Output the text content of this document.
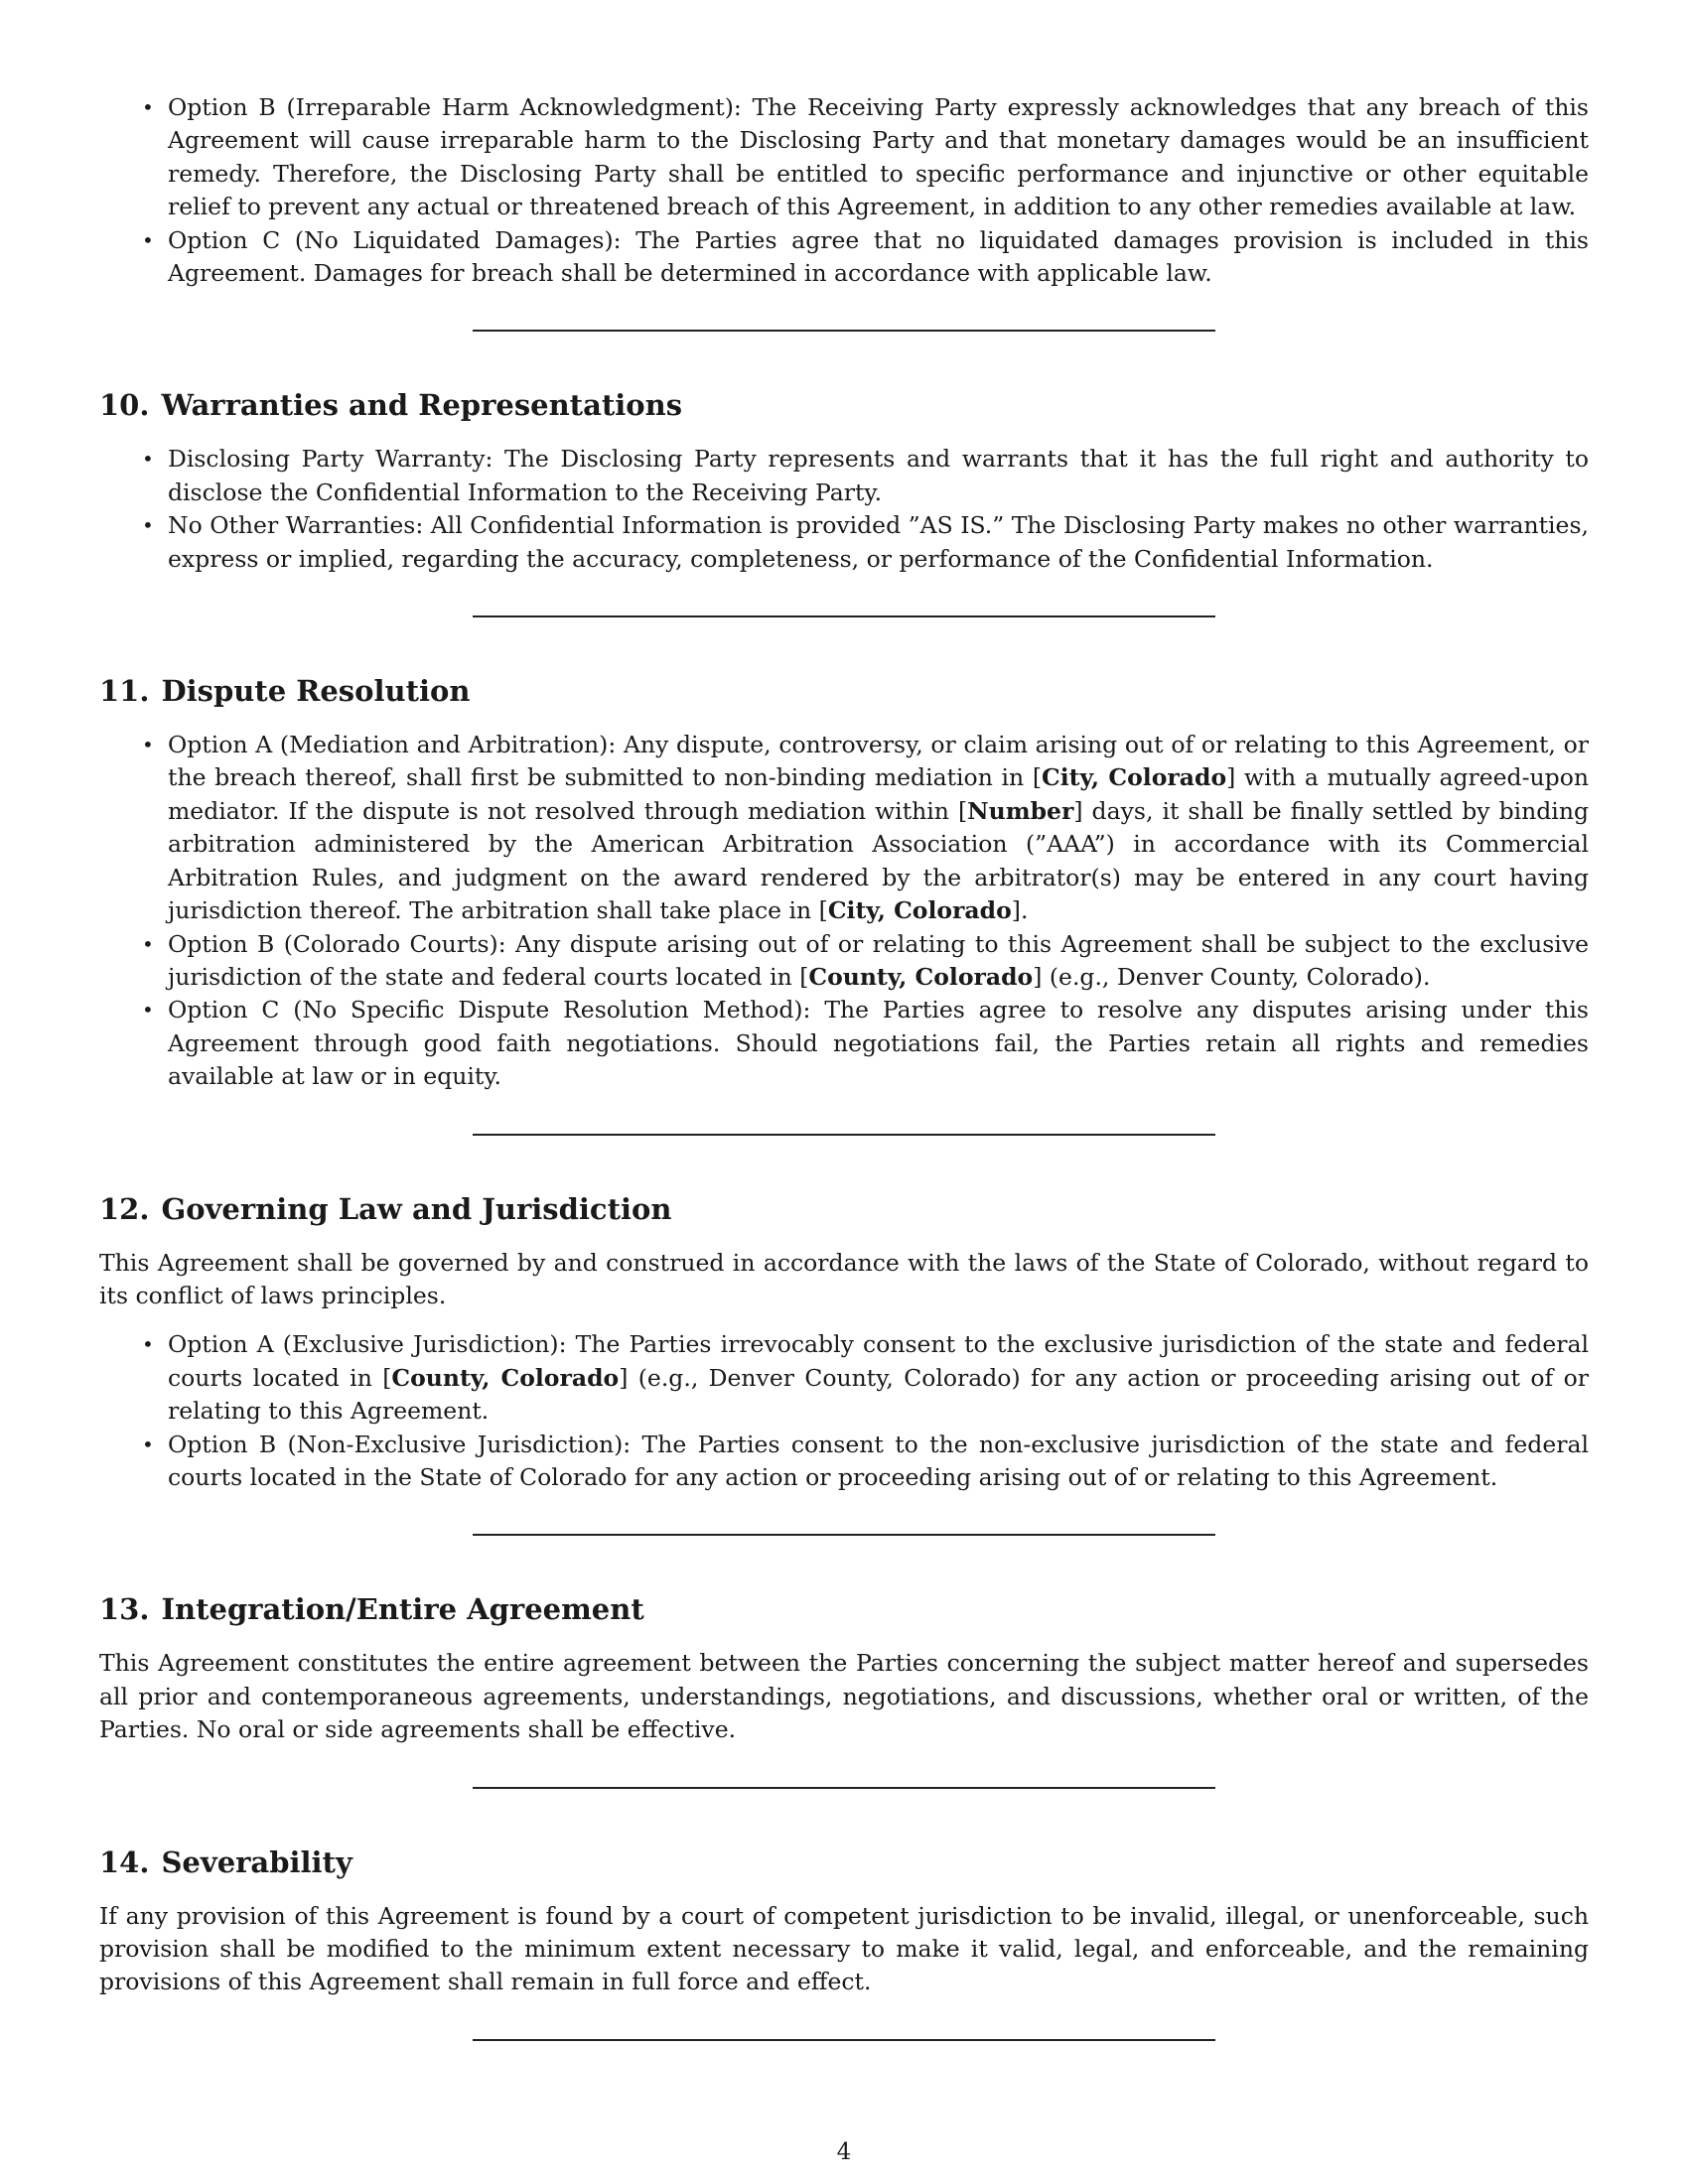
• Option B (Irreparable Harm Acknowledgment): The Receiving Party expressly acknowledges that any breach of this Agreement will cause irreparable harm to the Disclosing Party and that monetary damages would be an insufficient remedy. Therefore, the Disclosing Party shall be entitled to specific performance and injunctive or other equitable relief to prevent any actual or threatened breach of this Agreement, in addition to any other remedies available at law.
• Option C (No Liquidated Damages): The Parties agree that no liquidated damages provision is included in this Agreement. Damages for breach shall be determined in accordance with applicable law.
10. Warranties and Representations
• Disclosing Party Warranty: The Disclosing Party represents and warrants that it has the full right and authority to disclose the Confidential Information to the Receiving Party.
• No Other Warranties: All Confidential Information is provided ”AS IS.” The Disclosing Party makes no other warranties, express or implied, regarding the accuracy, completeness, or performance of the Confidential Information.
11. Dispute Resolution
• Option A (Mediation and Arbitration): Any dispute, controversy, or claim arising out of or relating to this Agreement, or the breach thereof, shall first be submitted to non-binding mediation in [City, Colorado] with a mutually agreed-upon mediator. If the dispute is not resolved through mediation within [Number] days, it shall be finally settled by binding arbitration administered by the American Arbitration Association (”AAA”) in accordance with its Commercial Arbitration Rules, and judgment on the award rendered by the arbitrator(s) may be entered in any court having jurisdiction thereof. The arbitration shall take place in [City, Colorado].
• Option B (Colorado Courts): Any dispute arising out of or relating to this Agreement shall be subject to the exclusive jurisdiction of the state and federal courts located in [County, Colorado] (e.g., Denver County, Colorado).
• Option C (No Specific Dispute Resolution Method): The Parties agree to resolve any disputes arising under this Agreement through good faith negotiations. Should negotiations fail, the Parties retain all rights and remedies available at law or in equity.
12. Governing Law and Jurisdiction

This Agreement shall be governed by and construed in accordance with the laws of the State of Colorado, without regard to its conflict of laws principles.

• Option A (Exclusive Jurisdiction): The Parties irrevocably consent to the exclusive jurisdiction of the state and federal courts located in [County, Colorado] (e.g., Denver County, Colorado) for any action or proceeding arising out of or relating to this Agreement.
• Option B (Non-Exclusive Jurisdiction): The Parties consent to the non-exclusive jurisdiction of the state and federal courts located in the State of Colorado for any action or proceeding arising out of or relating to this Agreement.
13. Integration/Entire Agreement

This Agreement constitutes the entire agreement between the Parties concerning the subject matter hereof and supersedes all prior and contemporaneous agreements, understandings, negotiations, and discussions, whether oral or written, of the Parties. No oral or side agreements shall be effective.

14. Severability

If any provision of this Agreement is found by a court of competent jurisdiction to be invalid, illegal, or unenforceable, such provision shall be modified to the minimum extent necessary to make it valid, legal, and enforceable, and the remaining provisions of this Agreement shall remain in full force and effect.

4
